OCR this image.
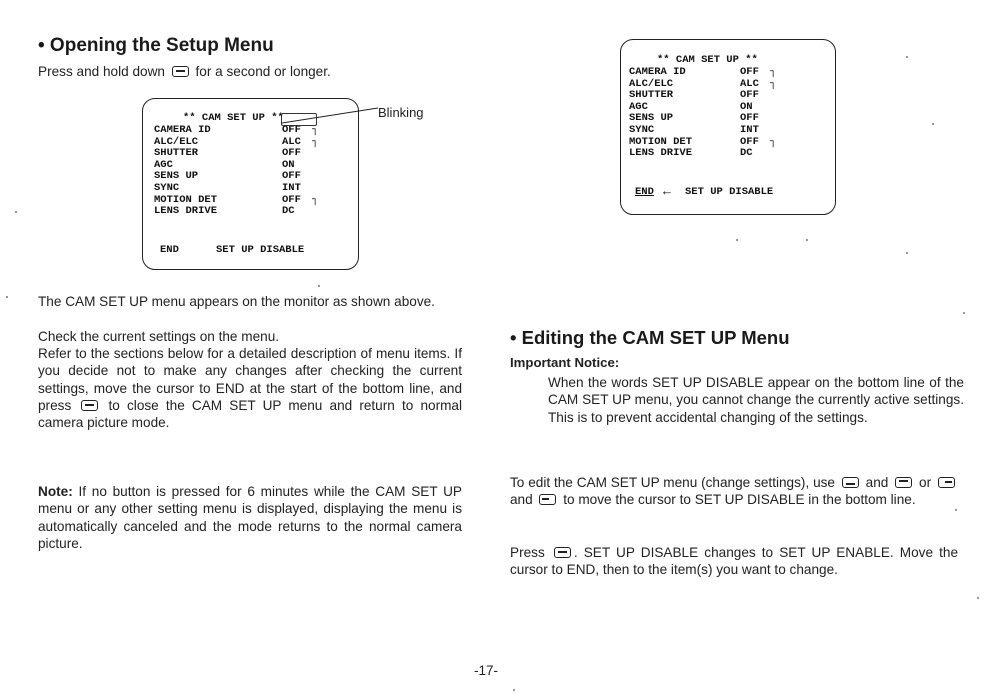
• Opening the Setup Menu
Press and hold down for a second or longer.
** CAM SET UP **
CAMERA ID	OFF ┐
ALC/ELC	ALC ┐
SHUTTER	OFF
AGC	ON
SENS UP	OFF
SYNC	INT
MOTION DET	OFF ┐
LENS DRIVE	DC
END	SET UP DISABLE
Blinking
The CAM SET UP menu appears on the monitor as shown above.
Check the current settings on the menu.
Refer to the sections below for a detailed description of menu items. If you decide not to make any changes after checking the current settings, move the cursor to END at the start of the bottom line, and press	to close the CAM SET UP menu and return to normal camera picture mode.
Note: If no button is pressed for 6 minutes while the CAM SET UP menu or any other setting menu is displayed, displaying the menu is automatically canceled and the mode returns to the normal camera picture.
** CAM SET UP **
CAMERA ID	OFF ┐
ALC/ELC	ALC ┐
SHUTTER	OFF
AGC	ON
SENS UP	OFF
SYNC	INT
MOTION DET	OFF ┐
LENS DRIVE	DC
END ← SET UP DISABLE
• Editing the CAM SET UP Menu
Important Notice:
When the words SET UP DISABLE appear on the bottom line of the CAM SET UP menu, you cannot change the currently active settings. This is to prevent accidental changing of the settings.
To edit the CAM SET UP menu (change settings), use and or  and to move the cursor to SET UP DISABLE in the bottom line.
Press . SET UP DISABLE changes to SET UP ENABLE. Move the cursor to END, then to the item(s) you want to change.
-17-
